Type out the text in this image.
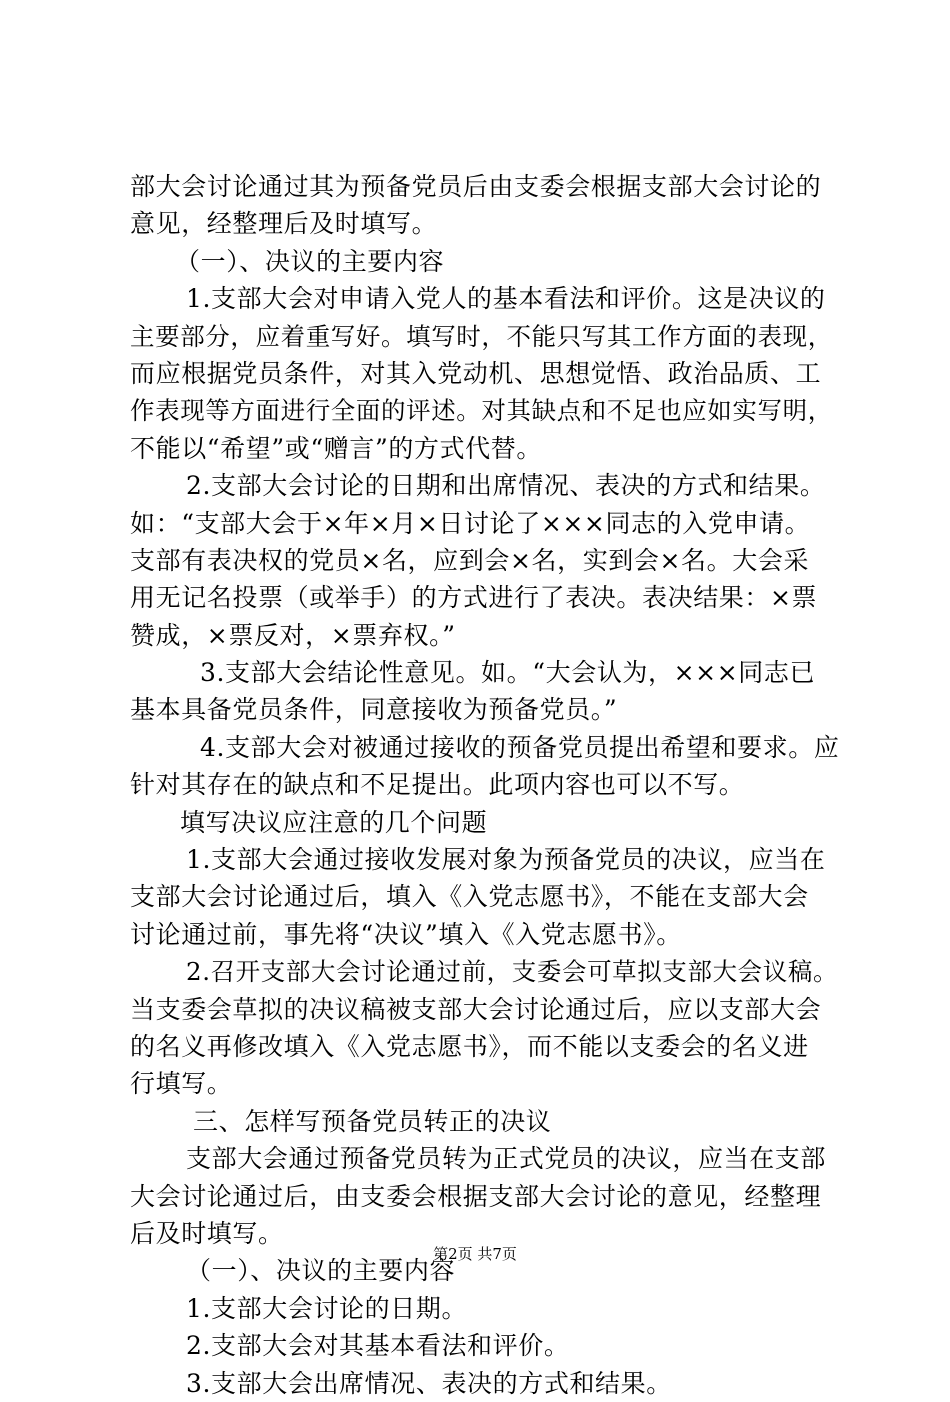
部大会讨论通过其为预备党员后由支委会根据支部大会讨论的
意见，经整理后及时填写。
（一）、决议的主要内容
1.支部大会对申请入党人的基本看法和评价。这是决议的
主要部分，应着重写好。填写时，不能只写其工作方面的表现，
而应根据党员条件，对其入党动机、思想觉悟、政治品质、工
作表现等方面进行全面的评述。对其缺点和不足也应如实写明，
不能以“希望”或“赠言”的方式代替。
2.支部大会讨论的日期和出席情况、表决的方式和结果。
如：“支部大会于×年×月×日讨论了×××同志的入党申请。
支部有表决权的党员×名，应到会×名，实到会×名。大会采
用无记名投票（或举手）的方式进行了表决。表决结果：×票
赞成，×票反对，×票弃权。”
3.支部大会结论性意见。如。“大会认为，×××同志已
基本具备党员条件，同意接收为预备党员。”
4.支部大会对被通过接收的预备党员提出希望和要求。应
针对其存在的缺点和不足提出。此项内容也可以不写。
填写决议应注意的几个问题
1.支部大会通过接收发展对象为预备党员的决议，应当在
支部大会讨论通过后，填入《入党志愿书》，不能在支部大会
讨论通过前，事先将“决议”填入《入党志愿书》。
2.召开支部大会讨论通过前，支委会可草拟支部大会议稿。
当支委会草拟的决议稿被支部大会讨论通过后，应以支部大会
的名义再修改填入《入党志愿书》，而不能以支委会的名义进
行填写。
三、怎样写预备党员转正的决议
支部大会通过预备党员转为正式党员的决议，应当在支部
大会讨论通过后，由支委会根据支部大会讨论的意见，经整理
后及时填写。
（一）、决议的主要内容
1.支部大会讨论的日期。
2.支部大会对其基本看法和评价。
3.支部大会出席情况、表决的方式和结果。
第2页 共7页
